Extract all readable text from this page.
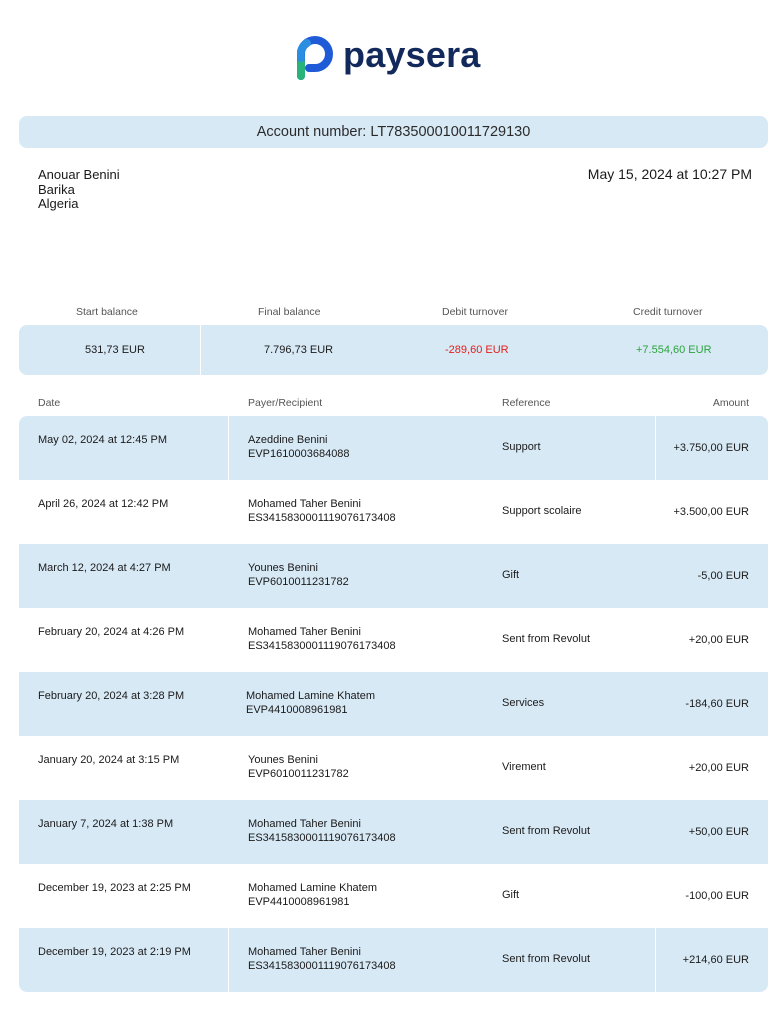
paysera
Account number: LT783500010011729130
Anouar Benini
Barika
Algeria
May 15, 2024 at 10:27 PM
Start balance	Final balance	Debit turnover	Credit turnover
531,73 EUR	7.796,73 EUR	-289,60 EUR	+7.554,60 EUR
Date	Payer/Recipient	Reference	Amount
May 02, 2024 at 12:45 PM	Azeddine Benini
EVP1610003684088
Support	+3.750,00 EUR
April 26, 2024 at 12:42 PM	Mohamed Taher Benini
ES3415830001119076173408
Support scolaire	+3.500,00 EUR
March 12, 2024 at 4:27 PM	Younes Benini
EVP6010011231782
Gift	-5,00 EUR
February 20, 2024 at 4:26 PM	Mohamed Taher Benini
ES3415830001119076173408
Sent from Revolut	+20,00 EUR
February 20, 2024 at 3:28 PM	Mohamed Lamine Khatem
EVP4410008961981
Services	-184,60 EUR
January 20, 2024 at 3:15 PM	Younes Benini
EVP6010011231782
Virement	+20,00 EUR
January 7, 2024 at 1:38 PM	Mohamed Taher Benini
ES3415830001119076173408
Sent from Revolut	+50,00 EUR
December 19, 2023 at 2:25 PM	Mohamed Lamine Khatem
EVP4410008961981
Gift	-100,00 EUR
December 19, 2023 at 2:19 PM	Mohamed Taher Benini
ES3415830001119076173408
Sent from Revolut	+214,60 EUR
